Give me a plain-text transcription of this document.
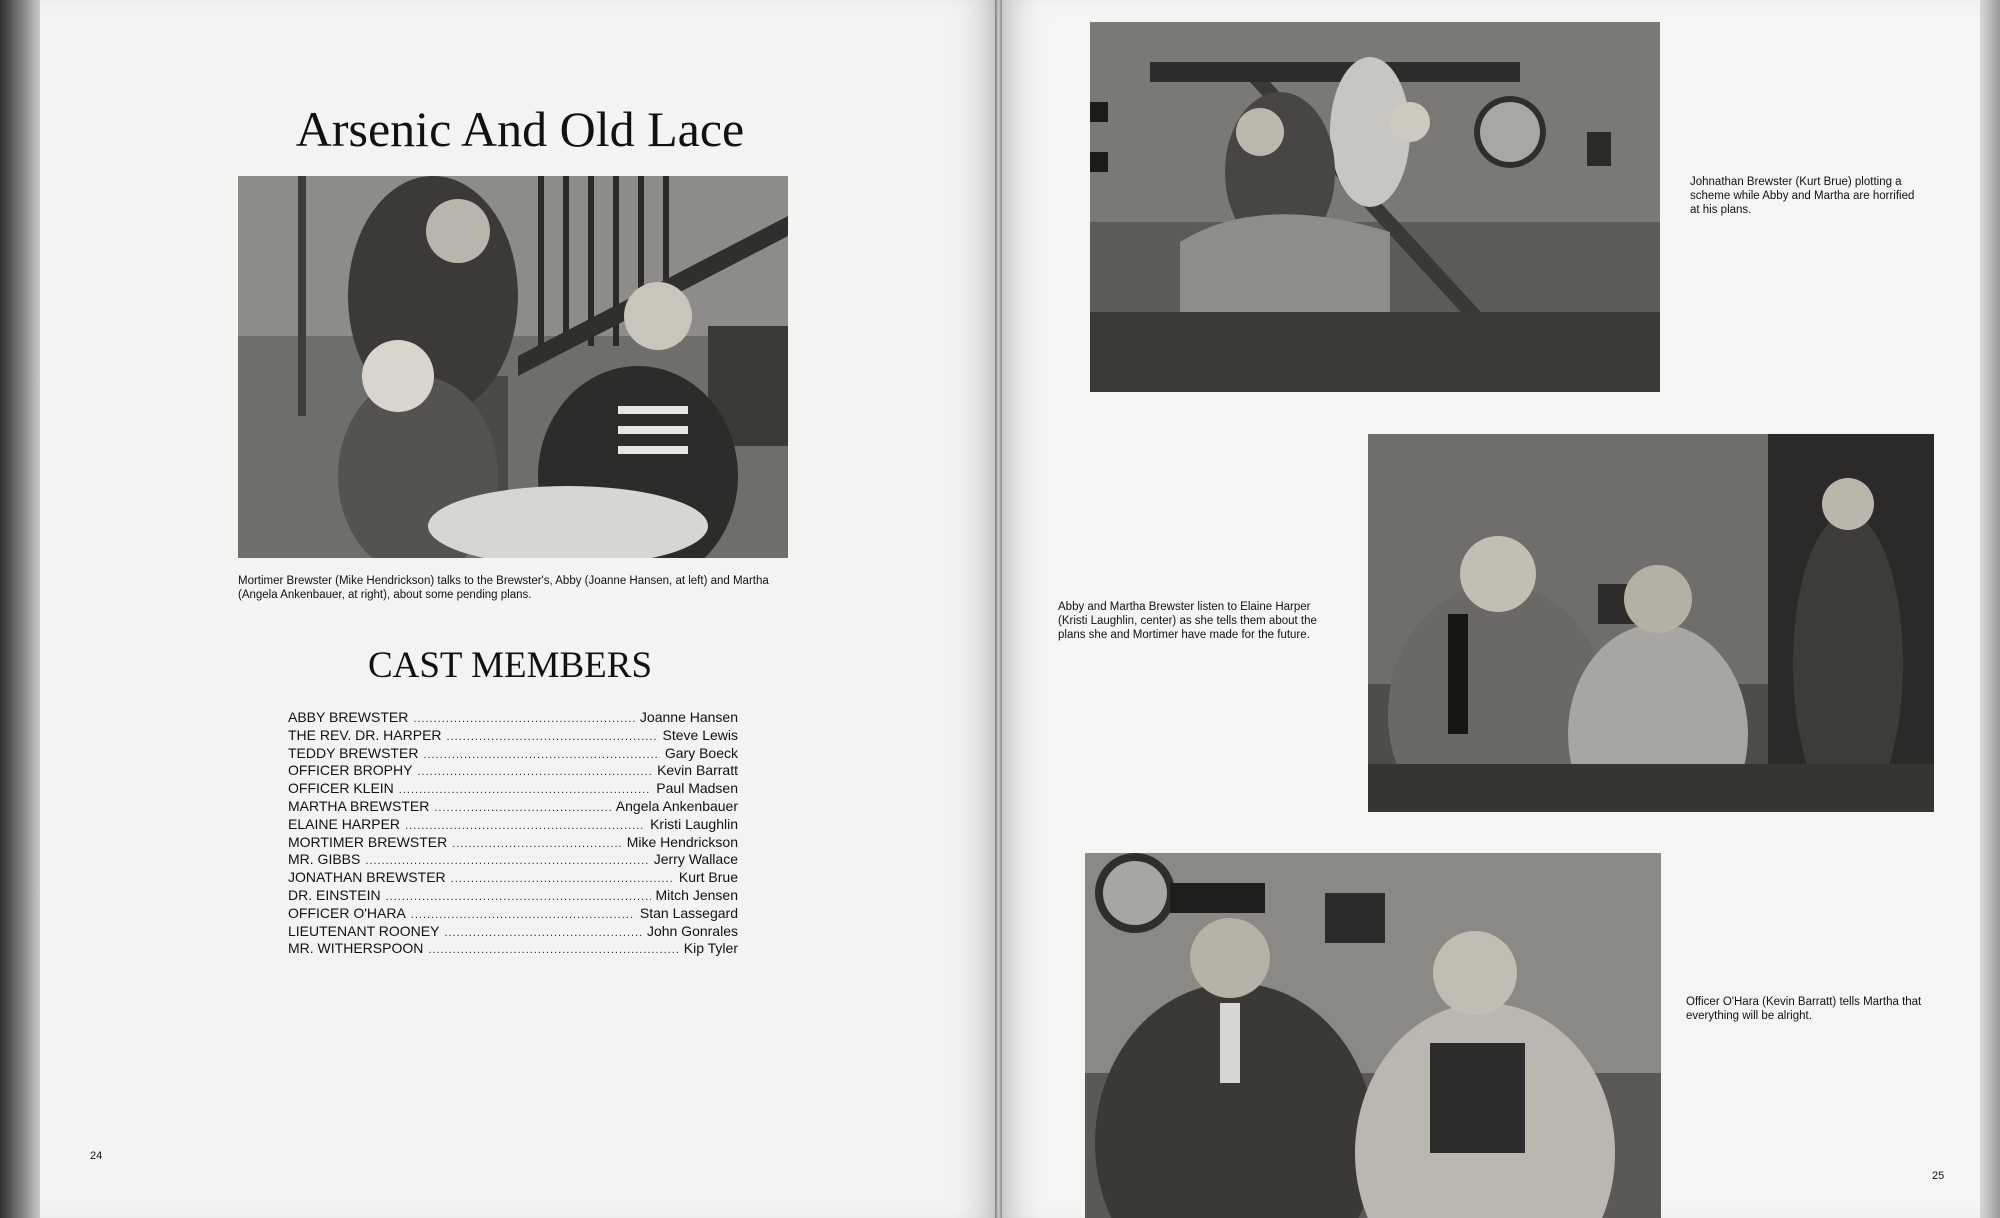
Arsenic And Old Lace
Mortimer Brewster (Mike Hendrickson) talks to the Brewster's, Abby (Joanne Hansen, at left) and Martha (Angela Ankenbauer, at right), about some pending plans.
CAST MEMBERS
ABBY BREWSTER .....	Joanne Hansen
THE REV. DR. HARPER .....	Steve Lewis
TEDDY BREWSTER .....	Gary Boeck
OFFICER BROPHY .....	Kevin Barratt
OFFICER KLEIN .....	Paul Madsen
MARTHA BREWSTER .....	Angela Ankenbauer
ELAINE HARPER .....	Kristi Laughlin
MORTIMER BREWSTER .....	Mike Hendrickson
MR. GIBBS .....	Jerry Wallace
JONATHAN BREWSTER .....	Kurt Brue
DR. EINSTEIN .....	Mitch Jensen
OFFICER O'HARA .....	Stan Lassegard
LIEUTENANT ROONEY .....	John Gonrales
MR. WITHERSPOON .....	Kip Tyler
24
Johnathan Brewster (Kurt Brue) plotting a scheme while Abby and Martha are horrified at his plans.
Abby and Martha Brewster listen to Elaine Harper (Kristi Laughlin, center) as she tells them about the plans she and Mortimer have made for the future.
Officer O'Hara (Kevin Barratt) tells Martha that everything will be alright.
25
